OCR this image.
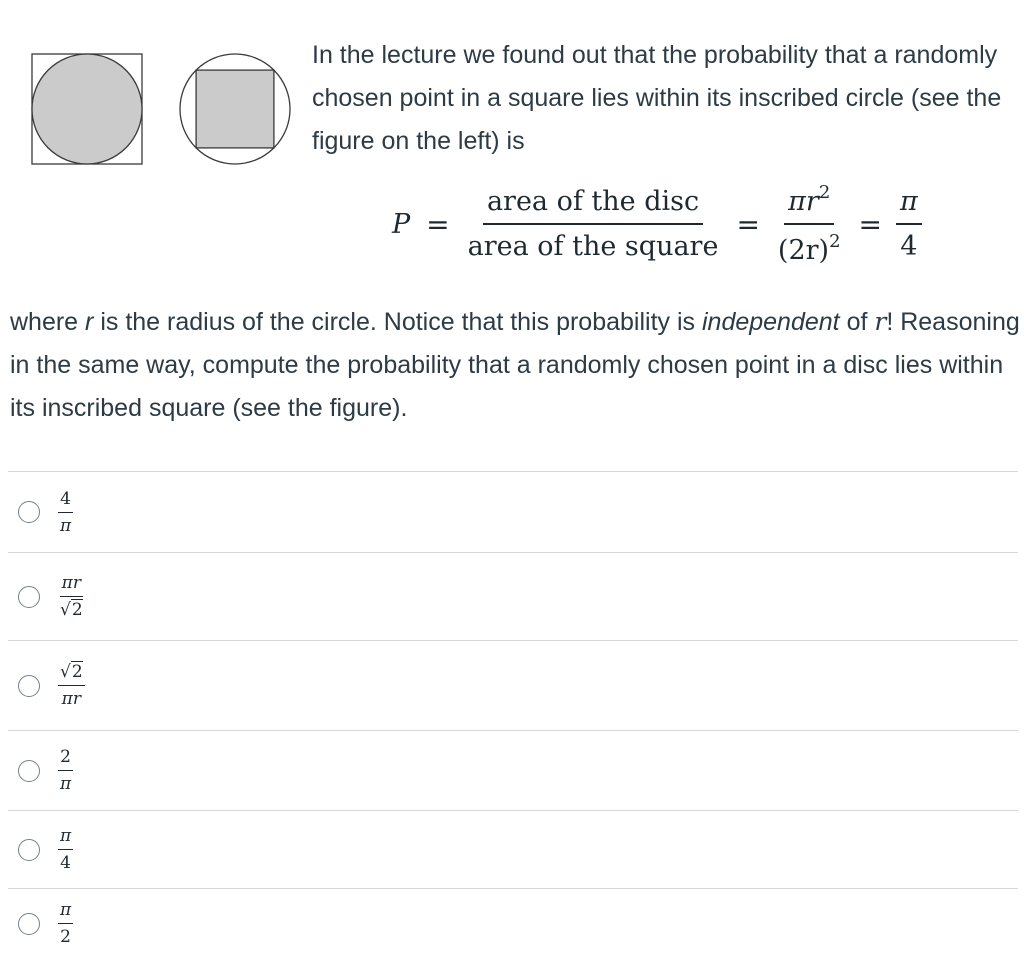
In the lecture we found out that the probability that a randomly chosen point in a square lies within its inscribed circle (see the figure on the left) is
$P = \frac{\text{area of the disc}}{\text{area of the square}} = \frac{\pi r^2}{(2r)^2} = \frac{\pi}{4}$
where r is the radius of the circle. Notice that this probability is independent of r! Reasoning in the same way, compute the probability that a randomly chosen point in a disc lies within its inscribed square (see the figure).
$\frac{4}{\pi}$
$\frac{\pi r}{√2}$
$\frac{√2}{\pi r}$
$\frac{2}{\pi}$
$\frac{\pi}{4}$
$\frac{\pi}{2}$
